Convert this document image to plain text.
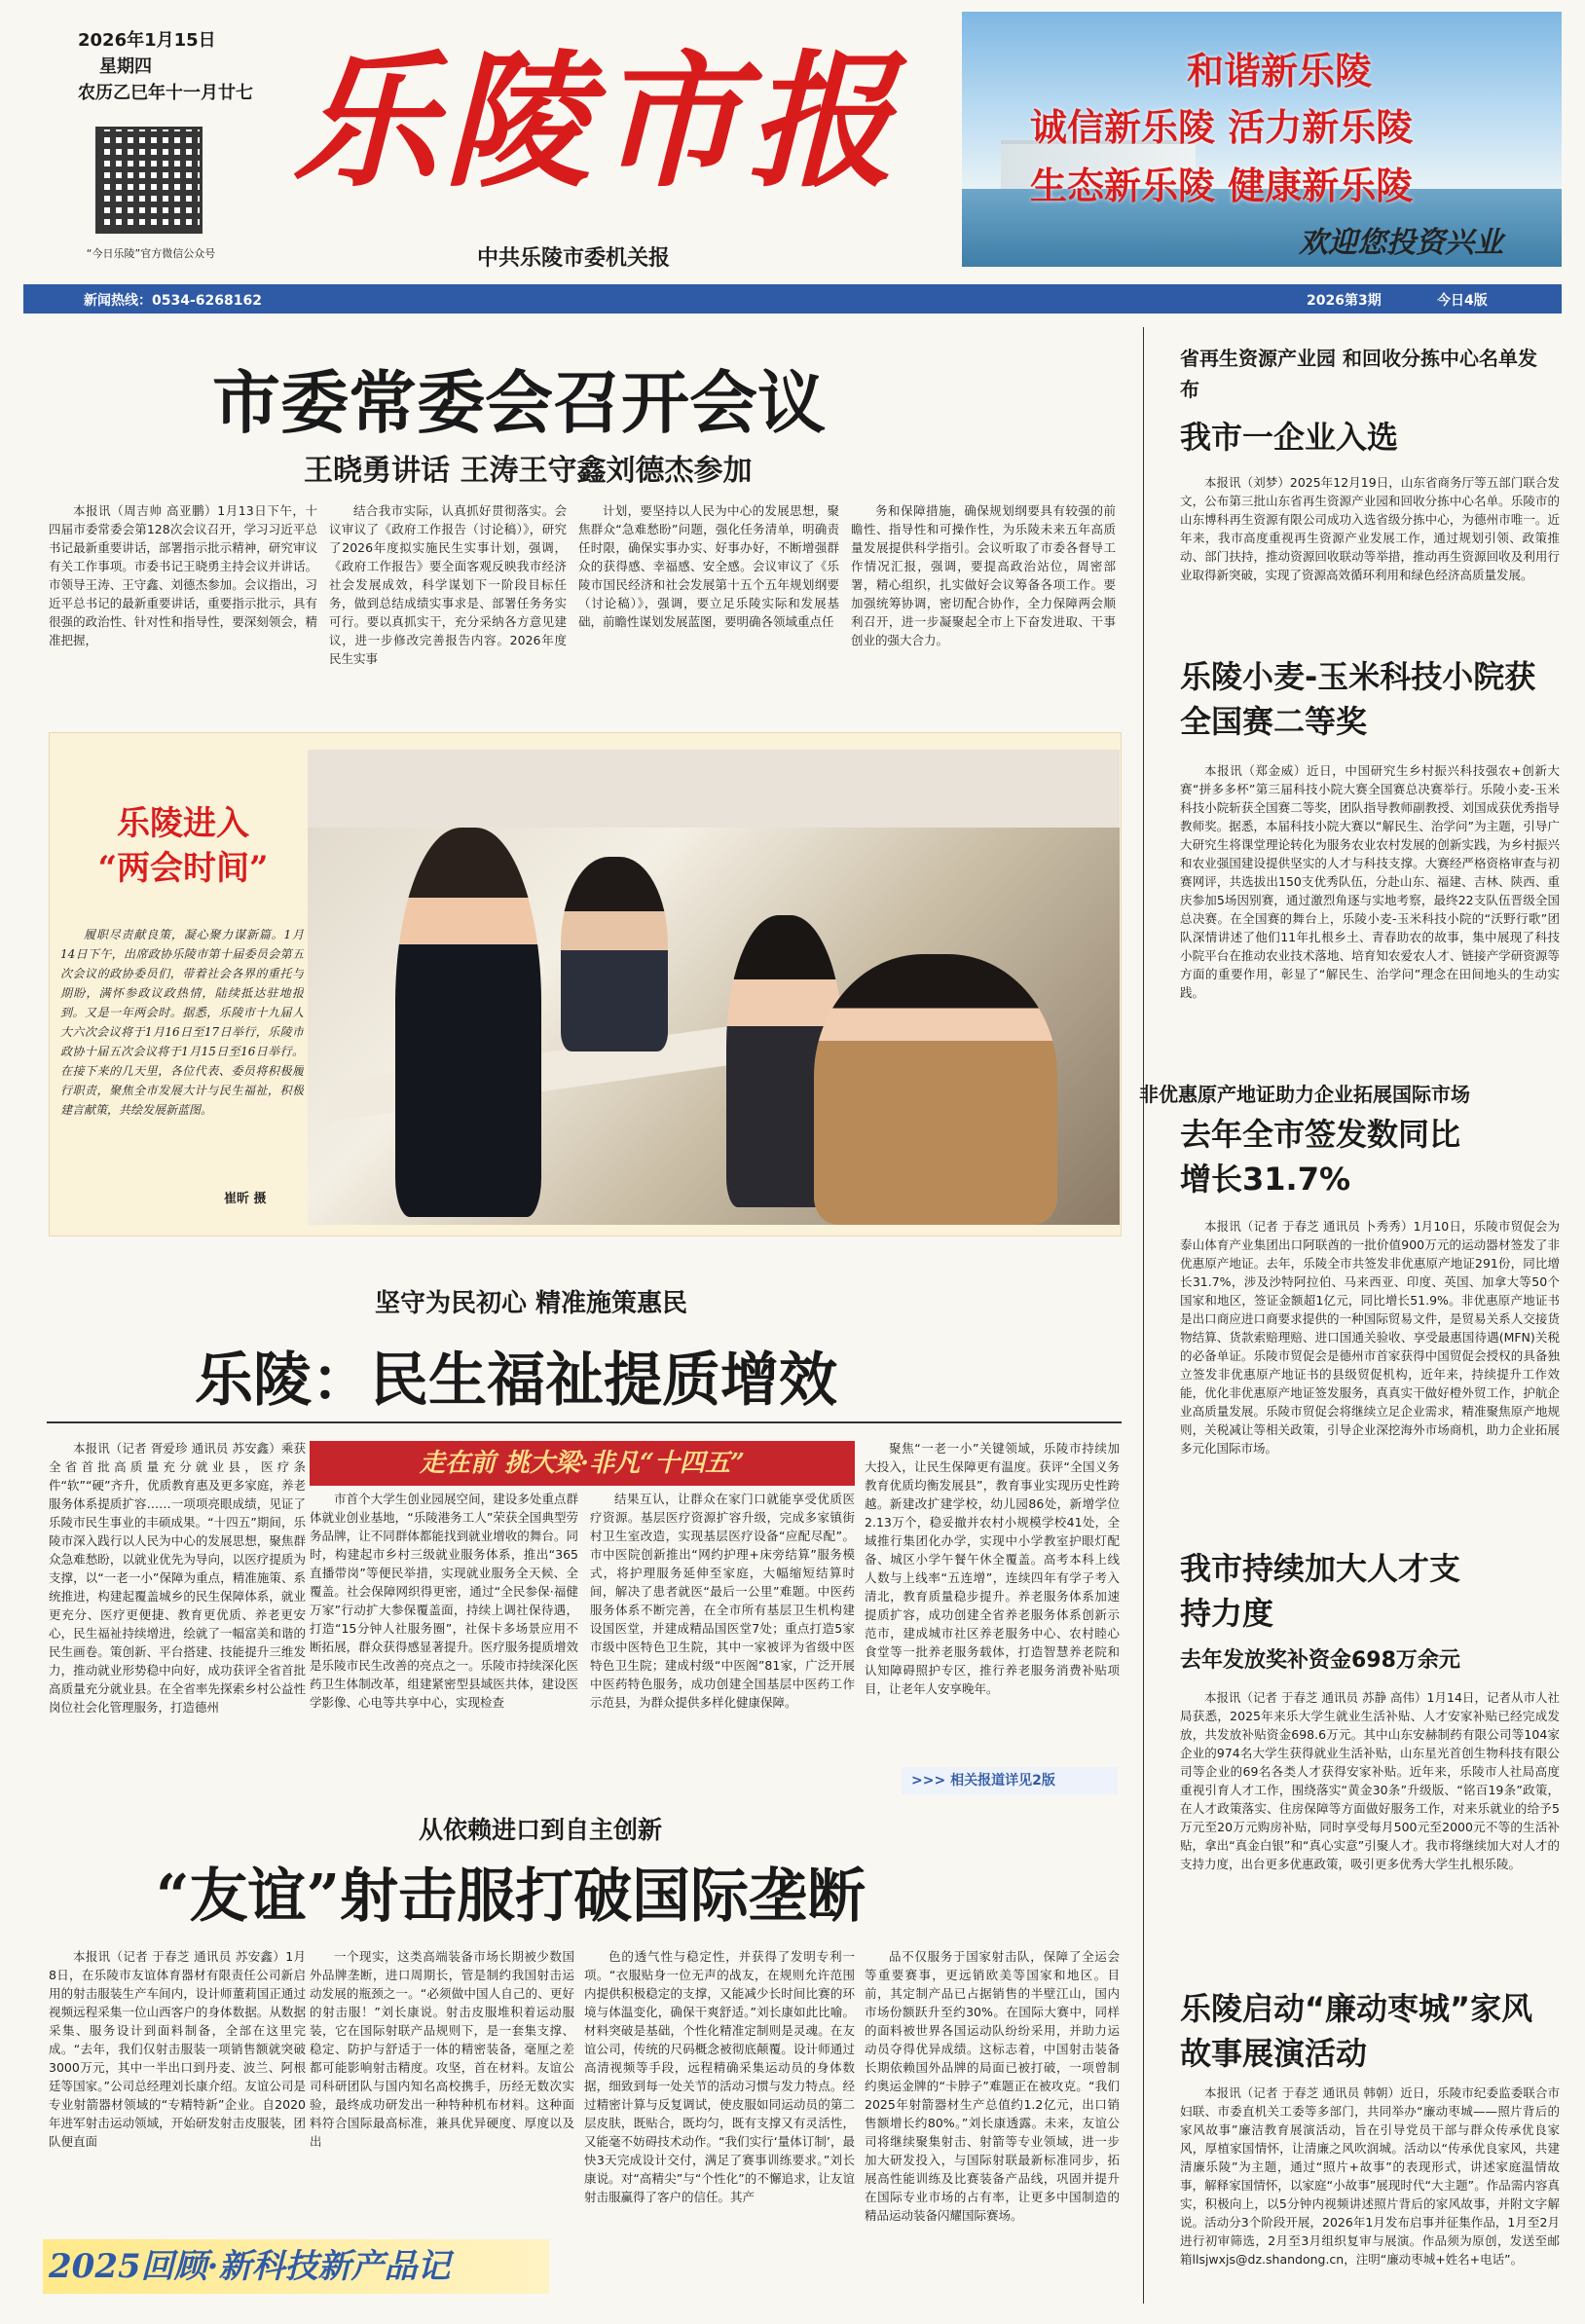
2026年1月15日
星期四
农历乙巳年十一月廿七
“今日乐陵”官方微信公众号
乐陵市报
中共乐陵市委机关报
和谐新乐陵
诚信新乐陵 活力新乐陵
生态新乐陵 健康新乐陵
欢迎您投资兴业
新闻热线：0534-6268162	2026第3期	今日4版
市委常委会召开会议
王晓勇讲话 王涛王守鑫刘德杰参加

本报讯（周吉帅 高亚鹏）1月13日下午，十四届市委常委会第128次会议召开，学习习近平总书记最新重要讲话，部署指示批示精神，研究审议有关工作事项。市委书记王晓勇主持会议并讲话。市领导王涛、王守鑫、刘德杰参加。会议指出，习近平总书记的最新重要讲话，重要指示批示，具有很强的政治性、针对性和指导性，要深刻领会，精准把握，

结合我市实际，认真抓好贯彻落实。会议审议了《政府工作报告（讨论稿）》，研究了2026年度拟实施民生实事计划，强调，《政府工作报告》要全面客观反映我市经济社会发展成效，科学谋划下一阶段目标任务，做到总结成绩实事求是、部署任务务实可行。要以真抓实干，充分采纳各方意见建议，进一步修改完善报告内容。2026年度民生实事

计划，要坚持以人民为中心的发展思想，聚焦群众“急难愁盼”问题，强化任务清单，明确责任时限，确保实事办实、好事办好，不断增强群众的获得感、幸福感、安全感。会议审议了《乐陵市国民经济和社会发展第十五个五年规划纲要（讨论稿）》，强调，要立足乐陵实际和发展基础，前瞻性谋划发展蓝图，要明确各领域重点任

务和保障措施，确保规划纲要具有较强的前瞻性、指导性和可操作性，为乐陵未来五年高质量发展提供科学指引。会议听取了市委各督导工作情况汇报，强调，要提高政治站位，周密部署，精心组织，扎实做好会议筹备各项工作。要加强统筹协调，密切配合协作，全力保障两会顺利召开，进一步凝聚起全市上下奋发进取、干事创业的强大合力。

乐陵进入
“两会时间”

履职尽责献良策，凝心聚力谋新篇。1月14日下午，出席政协乐陵市第十届委员会第五次会议的政协委员们，带着社会各界的重托与期盼，满怀参政议政热情，陆续抵达驻地报到。又是一年两会时。据悉，乐陵市十九届人大六次会议将于1月16日至17日举行，乐陵市政协十届五次会议将于1月15日至16日举行。在接下来的几天里，各位代表、委员将积极履行职责，聚焦全市发展大计与民生福祉，积极建言献策，共绘发展新蓝图。

崔昕 摄
坚守为民初心 精准施策惠民
乐陵：民生福祉提质增效
走在前 挑大梁·非凡“十四五”

本报讯（记者 胥爱珍 通讯员 苏安鑫）乘获全省首批高质量充分就业县，医疗条件“软”“硬”齐升，优质教育惠及更多家庭，养老服务体系提质扩容……一项项亮眼成绩，见证了乐陵市民生事业的丰硕成果。“十四五”期间，乐陵市深入践行以人民为中心的发展思想，聚焦群众急难愁盼，以就业优先为导向，以医疗提质为支撑，以“一老一小”保障为重点，精准施策、系统推进，构建起覆盖城乡的民生保障体系，就业更充分、医疗更便捷、教育更优质、养老更安心，民生福祉持续增进，绘就了一幅富美和谐的民生画卷。策创新、平台搭建、技能提升三维发力，推动就业形势稳中向好，成功获评全省首批高质量充分就业县。在全省率先探索乡村公益性岗位社会化管理服务，打造德州

市首个大学生创业园展空间，建设多处重点群体就业创业基地，“乐陵港务工人”荣获全国典型劳务品牌，让不同群体都能找到就业增收的舞台。同时，构建起市乡村三级就业服务体系，推出“365直播带岗”等便民举措，实现就业服务全天候、全覆盖。社会保障网织得更密，通过“全民参保·福健万家”行动扩大参保覆盖面，持续上调社保待遇，打造“15分钟人社服务圈”，社保卡多场景应用不断拓展，群众获得感显著提升。医疗服务提质增效是乐陵市民生改善的亮点之一。乐陵市持续深化医药卫生体制改革，组建紧密型县域医共体，建设医学影像、心电等共享中心，实现检查

结果互认，让群众在家门口就能享受优质医疗资源。基层医疗资源扩容升级，完成多家镇街村卫生室改造，实现基层医疗设备“应配尽配”。市中医院创新推出“网约护理+床旁结算”服务模式，将护理服务延伸至家庭，大幅缩短结算时间，解决了患者就医“最后一公里”难题。中医药服务体系不断完善，在全市所有基层卫生机构建设国医堂，并建成精品国医堂7处；重点打造5家市级中医特色卫生院，其中一家被评为省级中医特色卫生院；建成村级“中医阁”81家，广泛开展中医药特色服务，成功创建全国基层中医药工作示范县，为群众提供多样化健康保障。

聚焦“一老一小”关键领域，乐陵市持续加大投入，让民生保障更有温度。获评“全国义务教育优质均衡发展县”，教育事业实现历史性跨越。新建改扩建学校，幼儿园86处，新增学位2.13万个，稳妥撤并农村小规模学校41处，全域推行集团化办学，实现中小学教室护眼灯配备、城区小学午餐午休全覆盖。高考本科上线人数与上线率“五连增”，连续四年有学子考入清北，教育质量稳步提升。养老服务体系加速提质扩容，成功创建全省养老服务体系创新示范市，建成城市社区养老服务中心、农村睦心食堂等一批养老服务载体，打造智慧养老院和认知障碍照护专区，推行养老服务消费补贴项目，让老年人安享晚年。

>>> 相关报道详见2版
从依赖进口到自主创新
“友谊”射击服打破国际垄断

本报讯（记者 于春芝 通讯员 苏安鑫）1月8日，在乐陵市友谊体育器材有限责任公司新启用的射击服装生产车间内，设计师董莉国正通过视频远程采集一位山西客户的身体数据。从数据采集、服务设计到面料制备，全部在这里完成。“去年，我们仅射击服装一项销售额就突破3000万元，其中一半出口到丹麦、波兰、阿根廷等国家。”公司总经理刘长康介绍。友谊公司是专业射箭器材领域的“专精特新”企业。自2020年进军射击运动领域，开始研发射击皮服装，团队便直面

一个现实，这类高端装备市场长期被少数国外品牌垄断，进口周期长，管是制约我国射击运动发展的瓶颈之一。“必须做中国人自己的、更好的射击服！”刘长康说。射击皮服堆积着运动服装，它在国际射联产品规则下，是一套集支撑、稳定、防护与舒适于一体的精密装备，毫厘之差都可能影响射击精度。攻坚，首在材料。友谊公司科研团队与国内知名高校携手，历经无数次实验，最终成功研发出一种特种机布材料。这种面料符合国际最高标准，兼具优异硬度、厚度以及出

色的透气性与稳定性，并获得了发明专利一项。“衣服贴身一位无声的战友，在规则允许范围内提供积极稳定的支撑，又能减少长时间比赛的环境与体温变化，确保干爽舒适。”刘长康如此比喻。材料突破是基础，个性化精准定制则是灵魂。在友谊公司，传统的尺码概念被彻底颠覆。设计师通过高清视频等手段，远程精确采集运动员的身体数据，细致到每一处关节的活动习惯与发力特点。经过精密计算与反复调试，使皮服如同运动员的第二层皮肤，既贴合，既均匀，既有支撑又有灵活性，又能毫不妨碍技术动作。“我们实行‘量体订制’，最快3天完成设计交付，满足了赛事训练要求。”刘长康说。对“高精尖”与“个性化”的不懈追求，让友谊射击服赢得了客户的信任。其产

品不仅服务于国家射击队，保障了全运会等重要赛事，更远销欧美等国家和地区。目前，其定制产品已占据销售的半壁江山，国内市场份额跃升至约30%。在国际大赛中，同样的面料被世界各国运动队纷纷采用，并助力运动员夺得优异成绩。这标志着，中国射击装备长期依赖国外品牌的局面已被打破，一项曾制约奥运金牌的“卡脖子”难题正在被攻克。“我们2025年射箭器材生产总值约1.2亿元，出口销售额增长约80%。”刘长康透露。未来，友谊公司将继续聚集射击、射箭等专业领域，进一步加大研发投入，与国际射联最新标准同步，拓展高性能训练及比赛装备产品线，巩固并提升在国际专业市场的占有率，让更多中国制造的精品运动装备闪耀国际赛场。

2025回顾·新科技新产品记
省再生资源产业园 和回收分拣中心名单发布
我市一企业入选

本报讯（刘梦）2025年12月19日，山东省商务厅等五部门联合发文，公布第三批山东省再生资源产业园和回收分拣中心名单。乐陵市的山东博科再生资源有限公司成功入选省级分拣中心，为德州市唯一。近年来，我市高度重视再生资源产业发展工作，通过规划引领、政策推动、部门扶持，推动资源回收联动等举措，推动再生资源回收及利用行业取得新突破，实现了资源高效循环利用和绿色经济高质量发展。

乐陵小麦-玉米科技小院获全国赛二等奖

本报讯（郑金威）近日，中国研究生乡村振兴科技强农+创新大赛“拼多多杯”第三届科技小院大赛全国赛总决赛举行。乐陵小麦-玉米科技小院斩获全国赛二等奖，团队指导教师副教授、刘国成获优秀指导教师奖。据悉，本届科技小院大赛以“解民生、治学问”为主题，引导广大研究生将课堂理论转化为服务农业农村发展的创新实践，为乡村振兴和农业强国建设提供坚实的人才与科技支撑。大赛经严格资格审查与初赛网评，共选拔出150支优秀队伍，分赴山东、福建、吉林、陕西、重庆参加5场因别赛，通过激烈角逐与实地考察，最终22支队伍晋级全国总决赛。在全国赛的舞台上，乐陵小麦-玉米科技小院的“沃野行歌”团队深情讲述了他们11年扎根乡土、青春助农的故事，集中展现了科技小院平台在推动农业技术落地、培育知农爱农人才、链接产学研资源等方面的重要作用，彰显了“解民生、治学问”理念在田间地头的生动实践。

非优惠原产地证助力企业拓展国际市场
去年全市签发数同比增长31.7%

本报讯（记者 于春芝 通讯员 卜秀秀）1月10日，乐陵市贸促会为泰山体育产业集团出口阿联酋的一批价值900万元的运动器材签发了非优惠原产地证。去年，乐陵全市共签发非优惠原产地证291份，同比增长31.7%，涉及沙特阿拉伯、马来西亚、印度、英国、加拿大等50个国家和地区，签证金额超1亿元，同比增长51.9%。非优惠原产地证书是出口商应进口商要求提供的一种国际贸易文件，是贸易关系人交接货物结算、货款索赔理赔、进口国通关验收、享受最惠国待遇(MFN)关税的必备单证。乐陵市贸促会是德州市首家获得中国贸促会授权的具备独立签发非优惠原产地证书的县级贸促机构，近年来，持续提升工作效能，优化非优惠原产地证签发服务，真真实干做好橙外贸工作，护航企业高质量发展。乐陵市贸促会将继续立足企业需求，精准聚焦原产地规则，关税减让等相关政策，引导企业深挖海外市场商机，助力企业拓展多元化国际市场。

我市持续加大人才支持力度
去年发放奖补资金698万余元

本报讯（记者 于春芝 通讯员 苏静 高伟）1月14日，记者从市人社局获悉，2025年来乐大学生就业生活补贴、人才安家补贴已经完成发放，共发放补贴资金698.6万元。其中山东安赫制药有限公司等104家企业的974名大学生获得就业生活补贴，山东星光首创生物科技有限公司等企业的69名各类人才获得安家补贴。近年来，乐陵市人社局高度重视引育人才工作，围绕落实“黄金30条”升级版、“铭百19条”政策，在人才政策落实、住房保障等方面做好服务工作，对来乐就业的给予5万元至20万元购房补贴，同时享受每月500元至2000元不等的生活补贴，拿出“真金白银”和“真心实意”引聚人才。我市将继续加大对人才的支持力度，出台更多优惠政策，吸引更多优秀大学生扎根乐陵。

乐陵启动“廉动枣城”家风故事展演活动

本报讯（记者 于春芝 通讯员 韩朝）近日，乐陵市纪委监委联合市妇联、市委直机关工委等多部门，共同举办“廉动枣城——照片背后的家风故事”廉洁教育展演活动，旨在引导党员干部与群众传承优良家风，厚植家国情怀，让清廉之风吹润城。活动以“传承优良家风，共建清廉乐陵”为主题，通过“照片+故事”的表现形式，讲述家庭温情故事，解释家国情怀，以家庭“小故事”展现时代“大主题”。作品需内容真实，积极向上，以5分钟内视频讲述照片背后的家风故事，并附文字解说。活动分3个阶段开展，2026年1月发布启事并征集作品，1月至2月进行初审筛选，2月至3月组织复审与展演。作品须为原创，发送至邮箱llsjwxjs@dz.shandong.cn，注明“廉动枣城+姓名+电话”。
